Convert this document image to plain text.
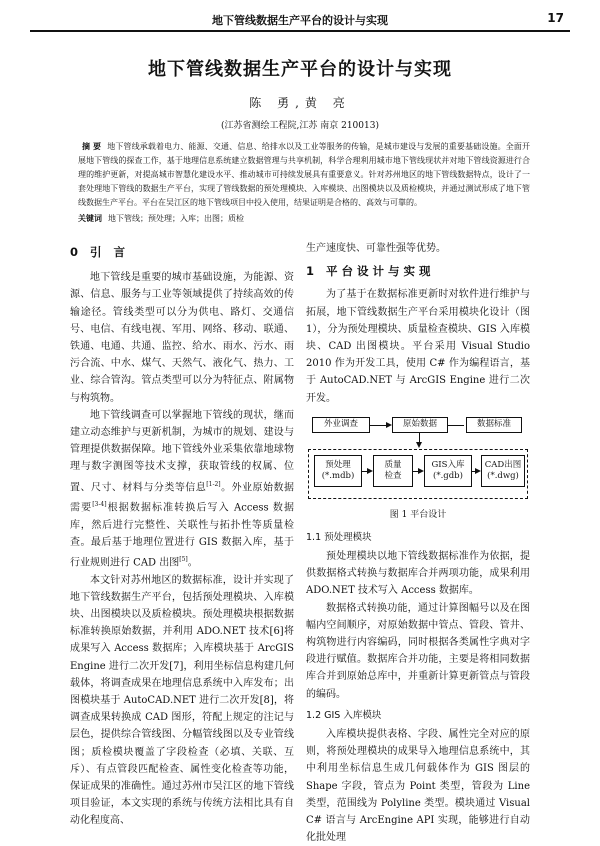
地下管线数据生产平台的设计与实现	17
地下管线数据生产平台的设计与实现
陈 勇,黄 亮
(江苏省测绘工程院,江苏 南京 210013)
摘 要 地下管线承载着电力、能源、交通、信息、给排水以及工业等服务的传输，是城市建设与发展的重要基础设施。全面开展地下管线的探查工作，基于地理信息系统建立数据管理与共享机制，科学合理利用城市地下管线现状并对地下管线资源进行合理的维护更新，对提高城市智慧化建设水平、推动城市可持续发展具有重要意义。针对苏州地区的地下管线数据特点，设计了一套处理地下管线的数据生产平台，实现了管线数据的预处理模块、入库模块、出图模块以及质检模块，并通过测试形成了地下管线数据生产平台。平台在吴江区的地下管线项目中投入使用，结果证明是合格的、高效与可靠的。
关键词 地下管线；预处理；入库；出图；质检
0 引 言

地下管线是重要的城市基础设施，为能源、资源、信息、服务与工业等领域提供了持续高效的传输途径。管线类型可以分为供电、路灯、交通信号、电信、有线电视、军用、网络、移动、联通、铁通、电通、共通、监控、给水、雨水、污水、雨污合流、中水、煤气、天然气、液化气、热力、工业、综合管沟。管点类型可以分为特征点、附属物与构筑物。

地下管线调查可以掌握地下管线的现状，继而建立动态维护与更新机制，为城市的规划、建设与管理提供数据保障。地下管线外业采集依靠地球物理与数字测图等技术支撑，获取管线的权属、位置、尺寸、材料与分类等信息[1-2]。外业原始数据需要[3-4]根据数据标准转换后写入 Access 数据库，然后进行完整性、关联性与拓扑性等质量检查。最后基于地理位置进行 GIS 数据入库，基于行业规则进行 CAD 出图[5]。

本文针对苏州地区的数据标准，设计并实现了地下管线数据生产平台，包括预处理模块、入库模块、出图模块以及质检模块。预处理模块根据数据标准转换原始数据，并利用 ADO.NET 技术[6]将成果写入 Access 数据库；入库模块基于 ArcGIS Engine 进行二次开发[7]，利用坐标信息构建几何载体，将调查成果在地理信息系统中入库发布；出图模块基于 AutoCAD.NET 进行二次开发[8]，将调查成果转换成 CAD 图形，符配上规定的注记与层色，提供综合管线图、分幅管线图以及专业管线图；质检模块覆盖了字段检查（必填、关联、互斥）、有点管段匹配检查、属性变化检查等功能，保证成果的准确性。通过苏州市吴江区的地下管线项目验证，本文实现的系统与传统方法相比具有自动化程度高、

生产速度快、可靠性强等优势。

1 平台设计与实现

为了基于在数据标准更新时对软件进行维护与拓展，地下管线数据生产平台采用模块化设计（图 1），分为预处理模块、质量检查模块、GIS 入库模块、CAD 出图模块。平台采用 Visual Studio 2010 作为开发工具，使用 C# 作为编程语言，基于 AutoCAD.NET 与 ArcGIS Engine 进行二次开发。

外业调查	原始数据	数据标准
预处理
(*.mdb)
质量
检查
GIS入库
(*.gdb)
CAD出图
(*.dwg)
图 1 平台设计
1.1 预处理模块

预处理模块以地下管线数据标准作为依据，提供数据格式转换与数据库合并两项功能，成果利用 ADO.NET 技术写入 Access 数据库。

数据格式转换功能，通过计算图幅号以及在图幅内空间顺序，对原始数据中管点、管段、管井、构筑物进行内容编码，同时根据各类属性字典对字段进行赋值。数据库合并功能，主要是将相同数据库合并到原始总库中，并重新计算更新管点与管段的编码。

1.2 GIS 入库模块

入库模块提供表格、字段、属性完全对应的原则，将预处理模块的成果导入地理信息系统中，其中利用坐标信息生成几何载体作为 GIS 图层的 Shape 字段，管点为 Point 类型，管段为 Line 类型，范围线为 Polyline 类型。模块通过 Visual C# 语言与 ArcEngine API 实现，能够进行自动化批处理
